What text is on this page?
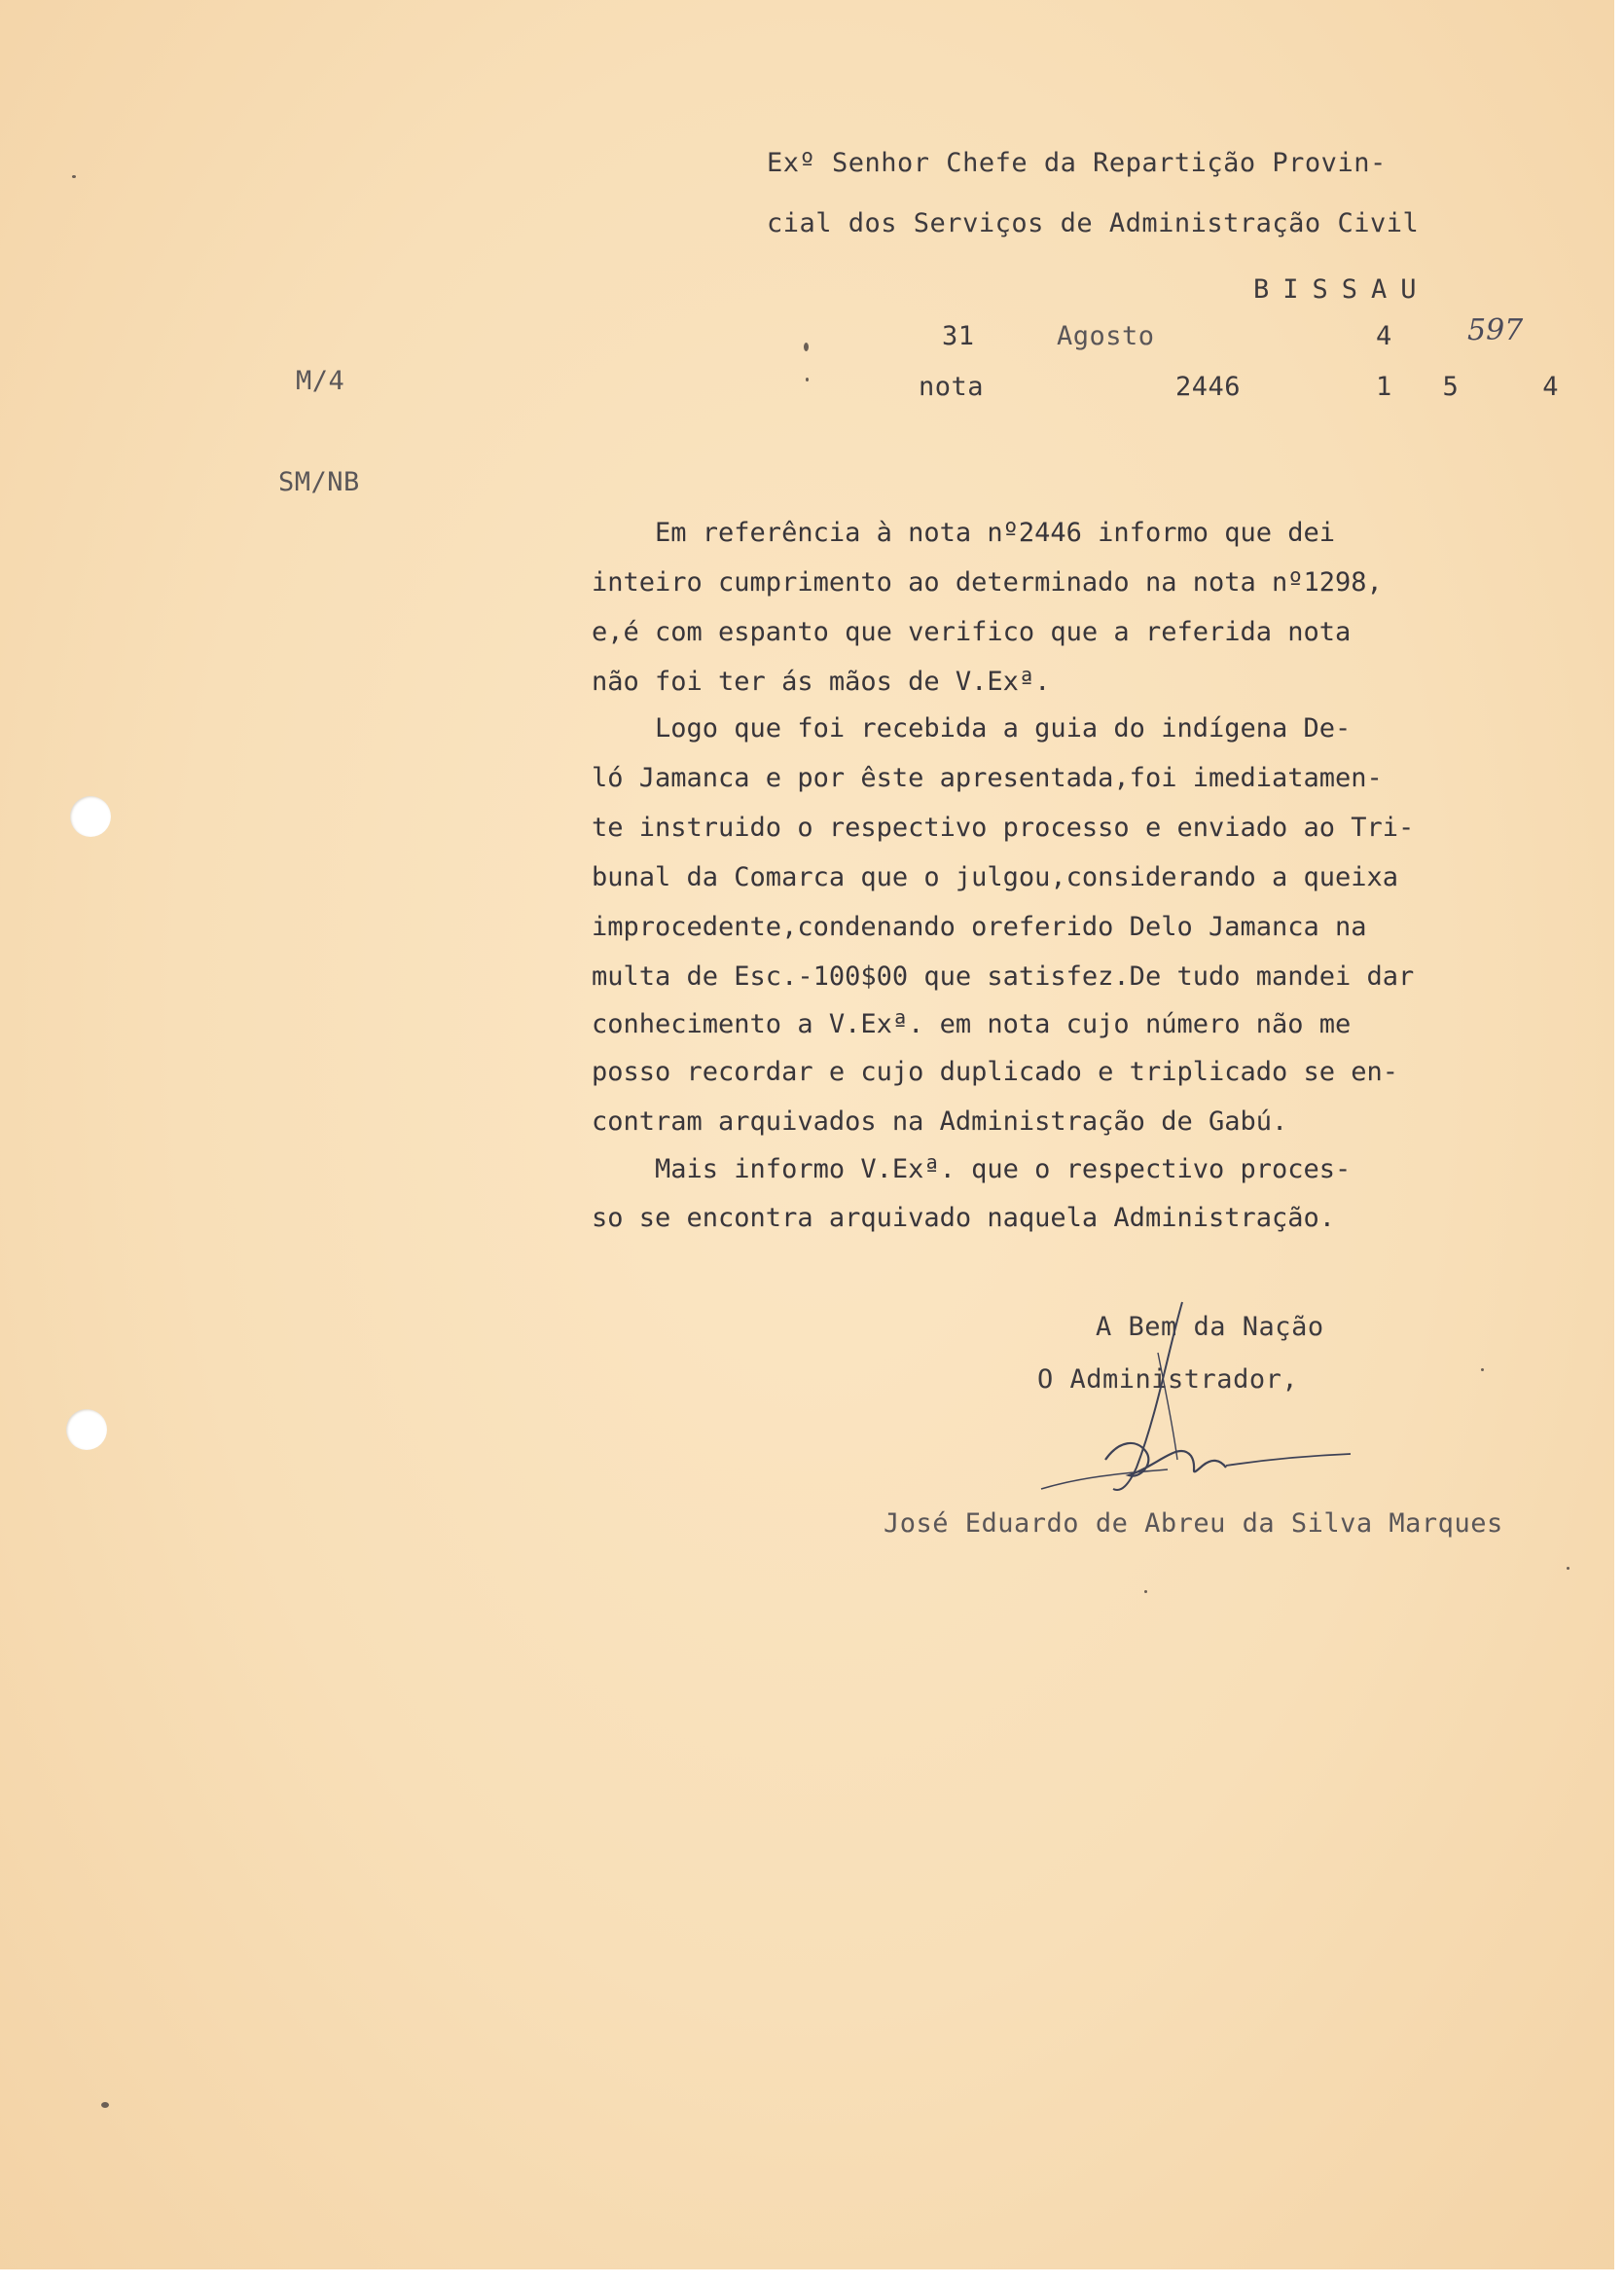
Exº Senhor Chefe da Repartição Provin-
cial dos Serviços de Administração Civil
BISSAU
31	Agosto	4	597
nota	2446	1 5  4
M/4
SM/NB
Em referência à nota nº2446 informo que dei
inteiro cumprimento ao determinado na nota nº1298,
e,é com espanto que verifico que a referida nota
não foi ter ás mãos de V.Exª.
Logo que foi recebida a guia do indígena De-
ló Jamanca e por êste apresentada,foi imediatamen-
te instruido o respectivo processo e enviado ao Tri-
bunal da Comarca que o julgou,considerando a queixa
improcedente,condenando oreferido Delo Jamanca na
multa de Esc.-100$00 que satisfez.De tudo mandei dar
conhecimento a V.Exª. em nota cujo número não me
posso recordar e cujo duplicado e triplicado se en-
contram arquivados na Administração de Gabú.
Mais informo V.Exª. que o respectivo proces-
so se encontra arquivado naquela Administração.
A Bem da Nação
O Administrador,
José Eduardo de Abreu da Silva Marques
